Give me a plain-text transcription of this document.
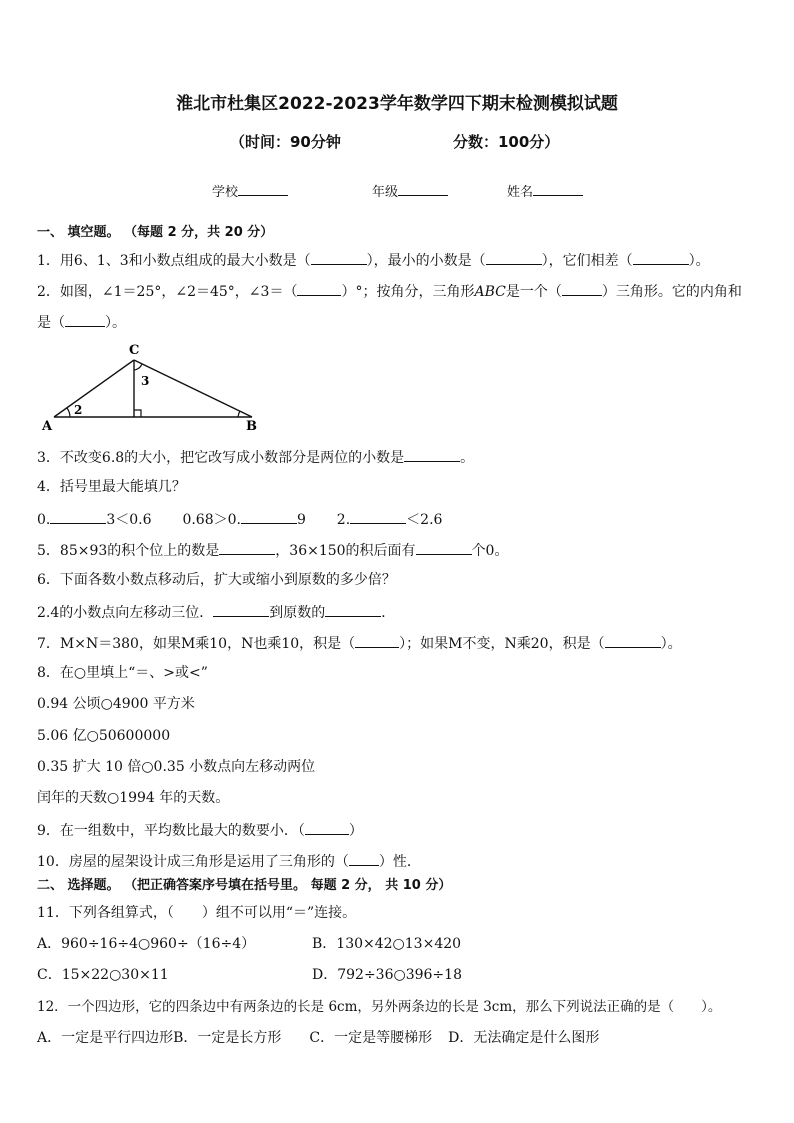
淮北市杜集区2022-2023学年数学四下期末检测模拟试题
（时间：90分钟	分数：100分）
学校	年级	姓名
一、 填空题。 （每题 2 分，共 20 分）
1．用6、1、3和小数点组成的最大小数是（	），最小的小数是（	），它们相差（	）。
2．如图，∠1＝25°，∠2＝45°，∠3＝（	）°；按角分，三角形ABC是一个（	）三角形。它的内角和
是（	）。
C
A	B
2
3
3．不改变6.8的大小，把它改写成小数部分是两位的小数是	。
4．括号里最大能填几？
0.	3＜0.6 0.68＞0.	9 2.	＜2.6
5．85×93的积个位上的数是	，36×150的积后面有	个0。
6．下面各数小数点移动后，扩大或缩小到原数的多少倍？
2.4的小数点向左移动三位．	到原数的	．
7．M×N＝380，如果M乘10，N也乘10，积是（	）；如果M不变，N乘20，积是（	）。
8．在○里填上“＝、>或<”
0.94 公顷○4900 平方米
5.06 亿○50600000
0.35 扩大 10 倍○0.35 小数点向左移动两位
闰年的天数○1994 年的天数。
9．在一组数中，平均数比最大的数要小．（	）
10．房屋的屋架设计成三角形是运用了三角形的（ ）性．
二、 选择题。 （把正确答案序号填在括号里。 每题 2 分， 共 10 分）
11．下列各组算式，（　　）组不可以用“＝”连接。
A．960÷16÷4○960÷（16÷4）	B．130×42○13×420
C．15×22○30×11	D．792÷36○396÷18
12．一个四边形，它的四条边中有两条边的长是 6cm，另外两条边的长是 3cm，那么下列说法正确的是（　　）。
A．一定是平行四边形B．一定是长方形 C．一定是等腰梯形 D．无法确定是什么图形
